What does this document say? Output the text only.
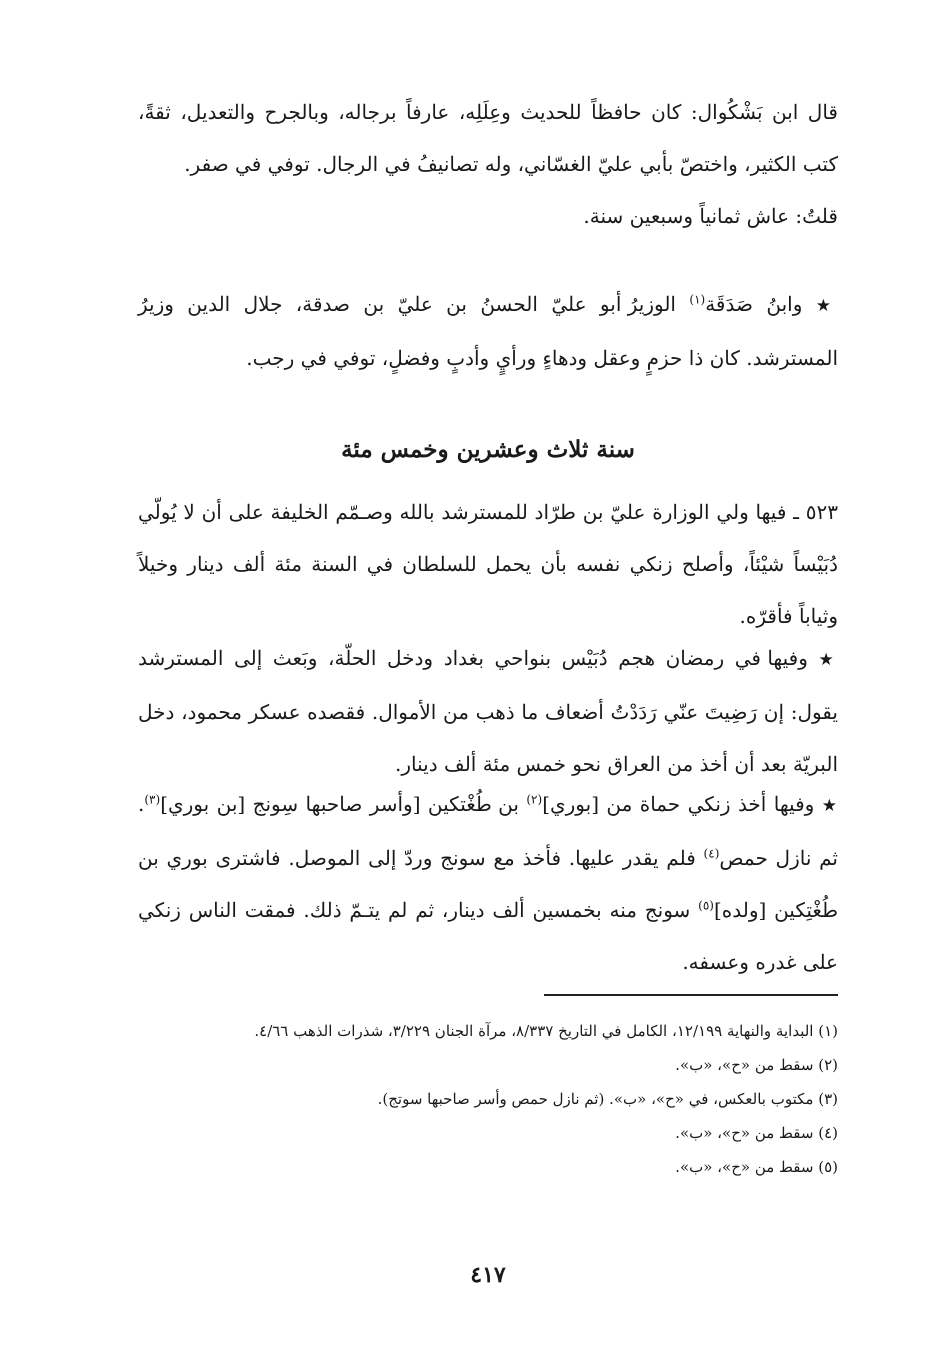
قال ابن بَشْكُوال: كان حافظاً للحديث وعِلَلِه، عارفاً برجاله، وبالجرح والتعديل، ثقةً، كتب الكثير، واختصّ بأبي عليّ الغسّاني، وله تصانيفُ في الرجال. توفي في صفر.

قلتُ: عاش ثمانياً وسبعين سنة.

★ وابنُ صَدَقَة$^{(١)}$ الوزيرُ أبو عليّ الحسنُ بن عليّ بن صدقة، جلال الدين وزيرُ المسترشد. كان ذا حزمٍ وعقل ودهاءٍ ورأيٍ وأدبٍ وفضلٍ، توفي في رجب.

سنة ثلاث وعشرين وخمس مئة

٥٢٣ ـ فيها ولي الوزارة عليّ بن طرّاد للمسترشد بالله وصـمّم الخليفة على أن لا يُولّي دُبَيْساً شيْئاً، وأصلح زنكي نفسه بأن يحمل للسلطان في السنة مئة ألف دينار وخيلاً وثياباً فأقرّه.

★ وفيها في رمضان هجم دُبَيْس بنواحي بغداد ودخل الحلّة، وبَعث إلى المسترشد يقول: إن رَضِيتَ عنّي رَدَدْتُ أضعاف ما ذهب من الأموال. فقصده عسكر محمود، دخل البريّة بعد أن أخذ من العراق نحو خمس مئة ألف دينار.

★ وفيها أخذ زنكي حماة من [بوري]$^{(٢)}$ بن طُغْتكين [وأسر صاحبها سِونج [بن بوري]$^{(٣)}$. ثم نازل حمص$^{(٤)}$ فلم يقدر عليها. فأخذ مع سونج وردّ إلى الموصل. فاشترى بوري بن طُغْتِكين [ولده]$^{(٥)}$ سونج منه بخمسين ألف دينار، ثم لم يتـمّ ذلك. فمقت الناس زنكي على غدره وعسفه.

(١) البداية والنهاية ١٢/١٩٩، الكامل في التاريخ ٨/٣٣٧، مرآة الجنان ٣/٢٢٩، شذرات الذهب ٤/٦٦.

(٢) سقط من «ح»، «ب».

(٣) مكتوب بالعكس، في «ح»، «ب». (ثم نازل حمص وأسر صاحبها سوتج).

(٤) سقط من «ح»، «ب».

(٥) سقط من «ح»، «ب».

٤١٧
